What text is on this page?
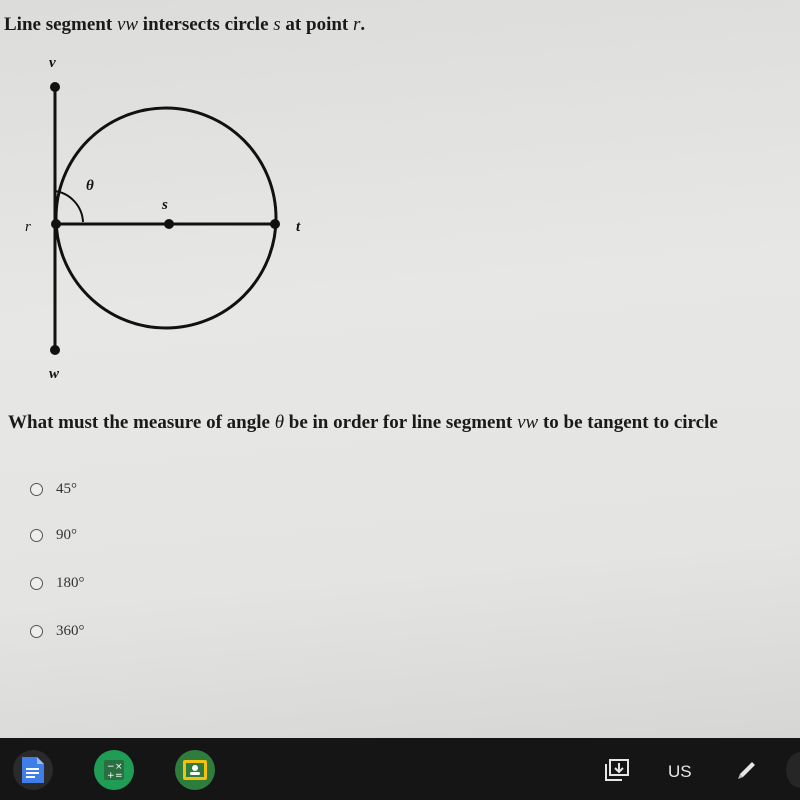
Line segment vw intersects circle s at point r.
v
w
r
s
t
θ
What must the measure of angle θ be in order for line segment vw to be tangent to circle
45°
90°
180°
360°
− ×
+ =	US
